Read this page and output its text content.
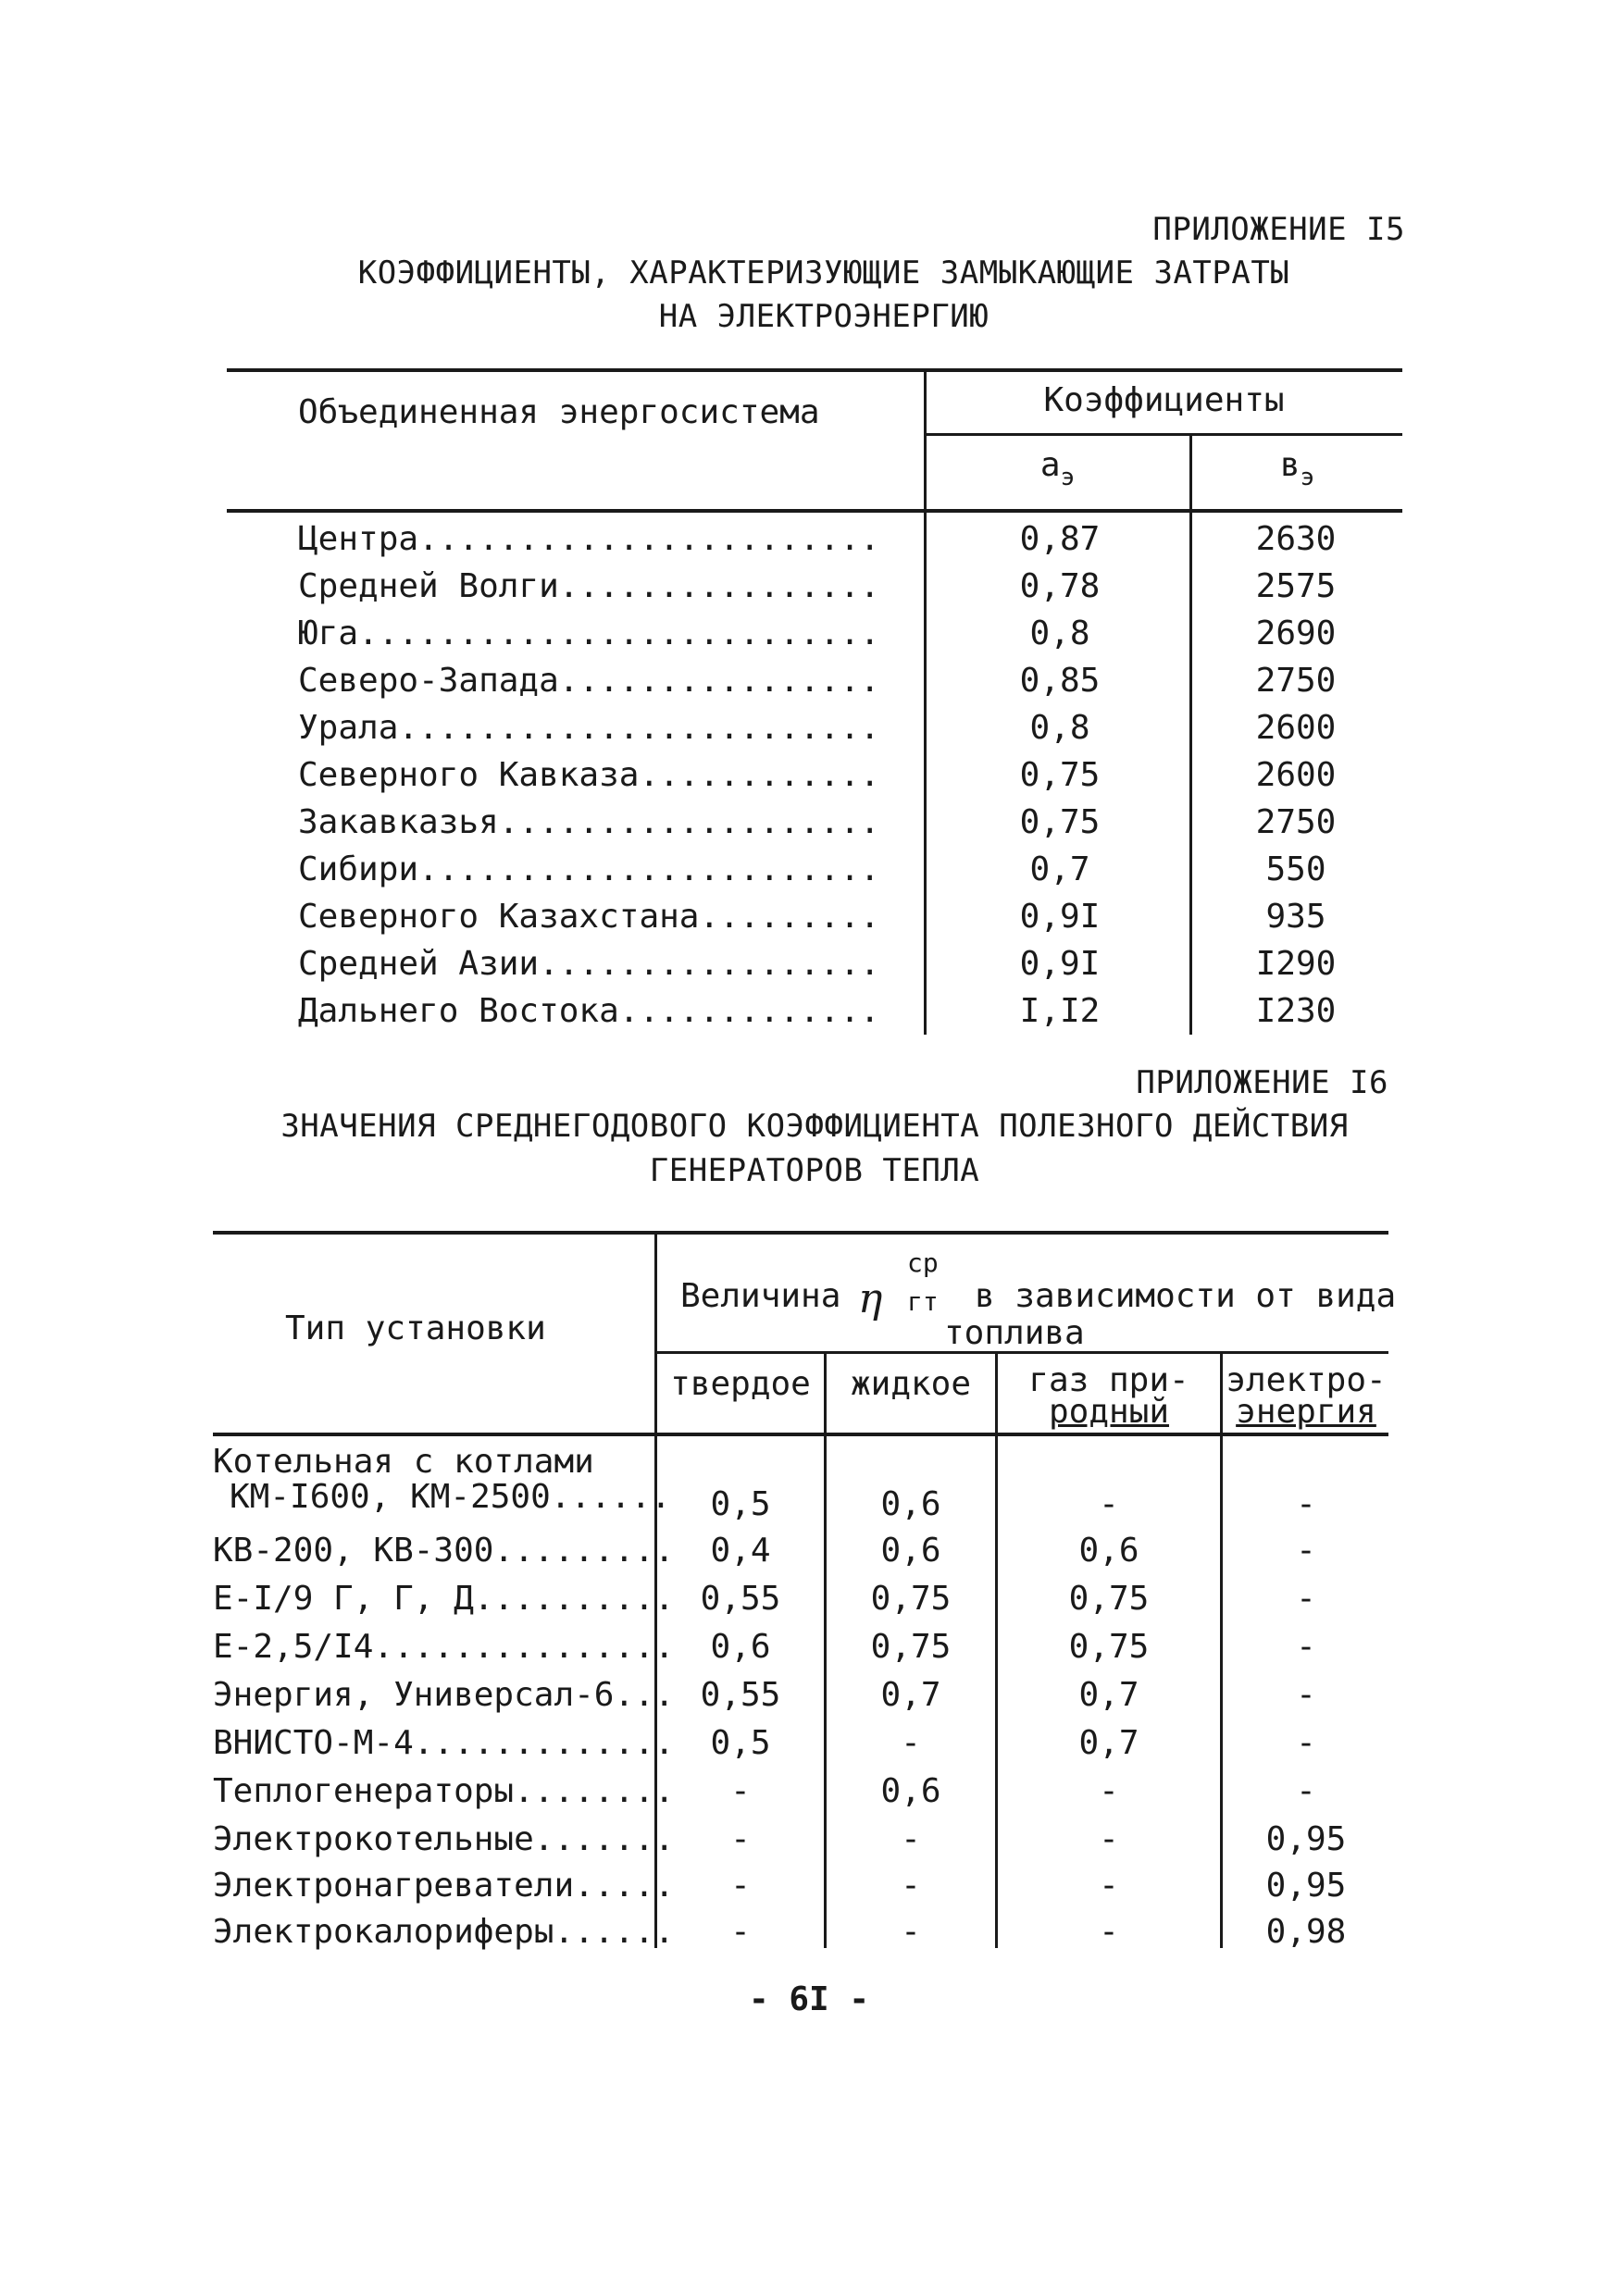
ПРИЛОЖЕНИЕ I5
КОЭФФИЦИЕНТЫ, ХАРАКТЕРИЗУЮЩИЕ ЗАМЫКАЮЩИЕ ЗАТРАТЫ
НА ЭЛЕКТРОЭНЕРГИЮ
Объединенная энергосистема	Коэффициенты
$a_э$	$в_э$
Центра.......................	0,87	2630
Средней Волги................	0,78	2575
Юга..........................	0,8	2690
Северо-Запада................	0,85	2750
Урала........................	0,8	2600
Северного Кавказа............	0,75	2600
Закавказья...................	0,75	2750
Сибири.......................	0,7	550
Северного Казахстана.........	0,9I	935
Средней Азии.................	0,9I	I290
Дальнего Востока.............	I,I2	I230
ПРИЛОЖЕНИЕ I6
ЗНАЧЕНИЯ СРЕДНЕГОДОВОГО КОЭФФИЦИЕНТА ПОЛЕЗНОГО ДЕЙСТВИЯ
ГЕНЕРАТОРОВ ТЕПЛА
Тип установки
Величина η
ср
гт в зависимости от вида
топлива
твердое	жидкое	газ при-
родный
электро-
энергия
Котельная с котлами
КМ-I600, КМ-2500......	0,5	0,6	-	-
КВ-200, КВ-300.........	0,4	0,6	0,6	-
Е-I/9 Г, Г, Д.......... 0,55	0,75	0,75	-
Е-2,5/I4...............	0,6	0,75	0,75	-
Энергия, Универсал-6... 0,55	0,7	0,7	-
ВНИСТО-М-4.............	0,5	-	0,7	-
Теплогенераторы........	-	0,6	-	-
Электрокотельные.......	-	-	-	0,95
Электронагреватели.....	-	-	-	0,95
Электрокалориферы......	-	-	-	0,98
- 6I -
